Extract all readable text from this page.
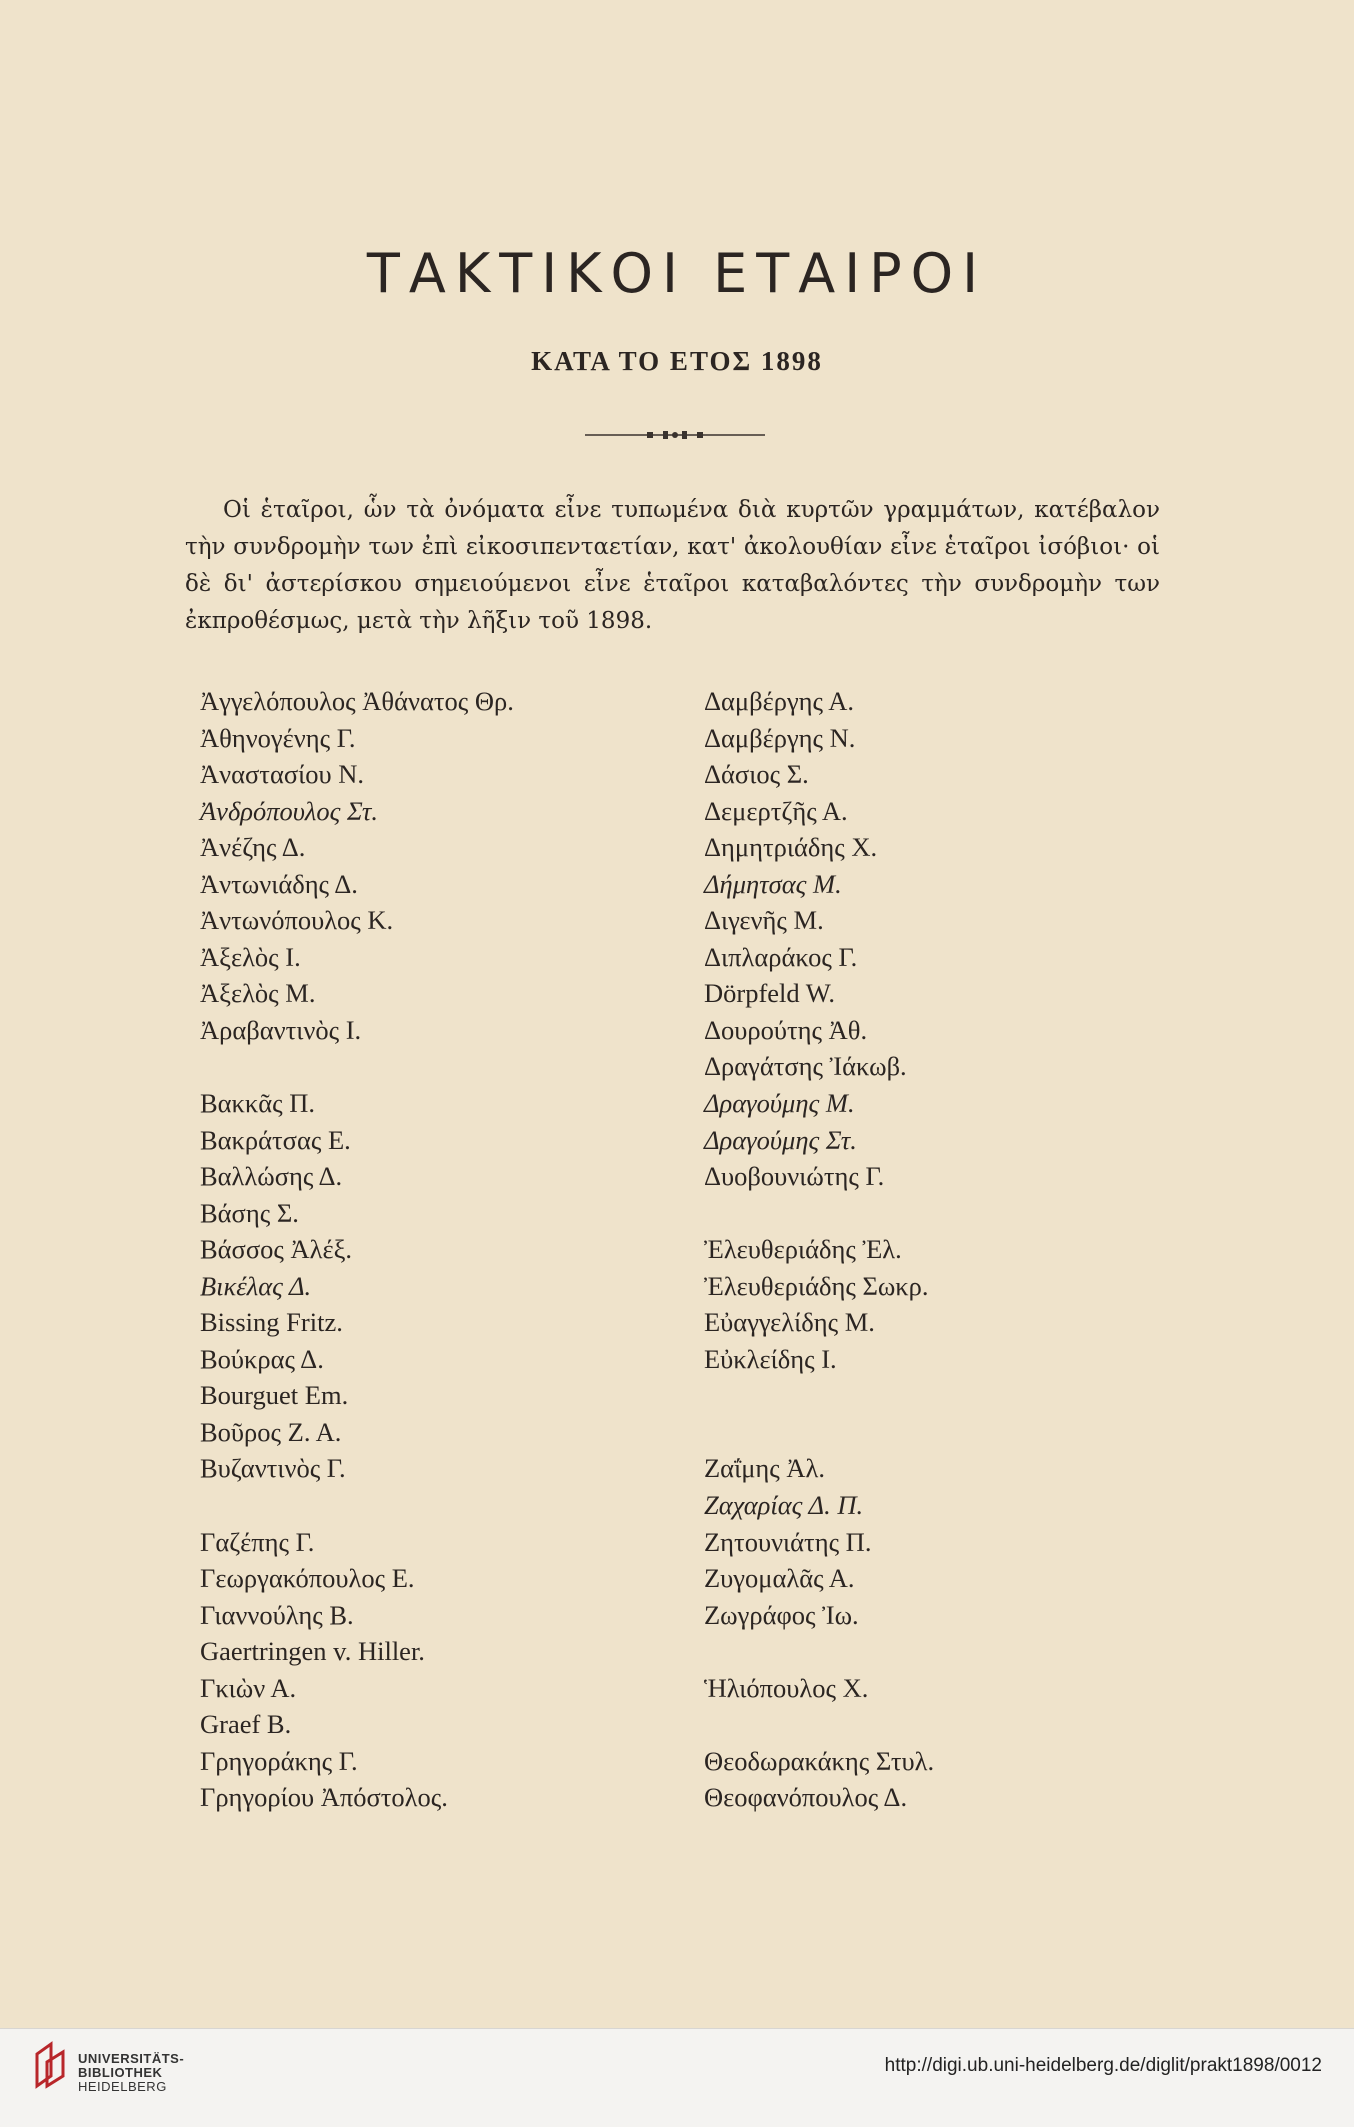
ΤΑΚΤΙΚΟΙ ΕΤΑΙΡΟΙ
ΚΑΤΑ ΤΟ ΕΤΟΣ 1898

Οἱ ἑταῖροι, ὧν τὰ ὀνόματα εἶνε τυπωμένα διὰ κυρτῶν γραμμάτων, κατέβαλον τὴν συνδρομὴν των ἐπὶ εἰκοσιπενταετίαν, κατ' ἀκολουθίαν εἶνε ἑταῖροι ἰσόβιοι· οἱ δὲ δι' ἀστερίσκου σημειούμενοι εἶνε ἑταῖροι καταβαλόντες τὴν συνδρομὴν των ἐκπροθέσμως, μετὰ τὴν λῆξιν τοῦ 1898.

Ἀγγελόπουλος Ἀθάνατος Θρ.
Ἀθηνογένης Γ.
Ἀναστασίου Ν.
Ἀνδρόπουλος Στ.
Ἀνέζης Δ.
Ἀντωνιάδης Δ.
Ἀντωνόπουλος Κ.
Ἀξελὸς Ι.
Ἀξελὸς Μ.
Ἀραβαντινὸς Ι.
Βακκᾶς Π.
Βακράτσας Ε.
Βαλλώσης Δ.
Βάσης Σ.
Βάσσος Ἀλέξ.
Βικέλας Δ.
Bissing Fritz.
Βούκρας Δ.
Bourguet Em.
Βοῦρος Ζ. Α.
Βυζαντινὸς Γ.
Γαζέπης Γ.
Γεωργακόπουλος Ε.
Γιαννούλης Β.
Gaertringen v. Hiller.
Γκιὼν Α.
Graef B.
Γρηγοράκης Γ.
Γρηγορίου Ἀπόστολος.
Δαμβέργης Α.
Δαμβέργης Ν.
Δάσιος Σ.
Δεμερτζῆς Α.
Δημητριάδης Χ.
Δήμητσας Μ.
Διγενῆς Μ.
Διπλαράκος Γ.
Dörpfeld W.
Δουρούτης Ἀθ.
Δραγάτσης Ἰάκωβ.
Δραγούμης Μ.
Δραγούμης Στ.
Δυοβουνιώτης Γ.
Ἐλευθεριάδης Ἐλ.
Ἐλευθεριάδης Σωκρ.
Εὐαγγελίδης Μ.
Εὐκλείδης Ι.
Ζαΐμης Ἀλ.
Ζαχαρίας Δ. Π.
Ζητουνιάτης Π.
Ζυγομαλᾶς Α.
Ζωγράφος Ἰω.
Ἡλιόπουλος Χ.
Θεοδωρακάκης Στυλ.
Θεοφανόπουλος Δ.
UNIVERSITÄTS-
BIBLIOTHEK
HEIDELBERG
http://digi.ub.uni-heidelberg.de/diglit/prakt1898/0012
